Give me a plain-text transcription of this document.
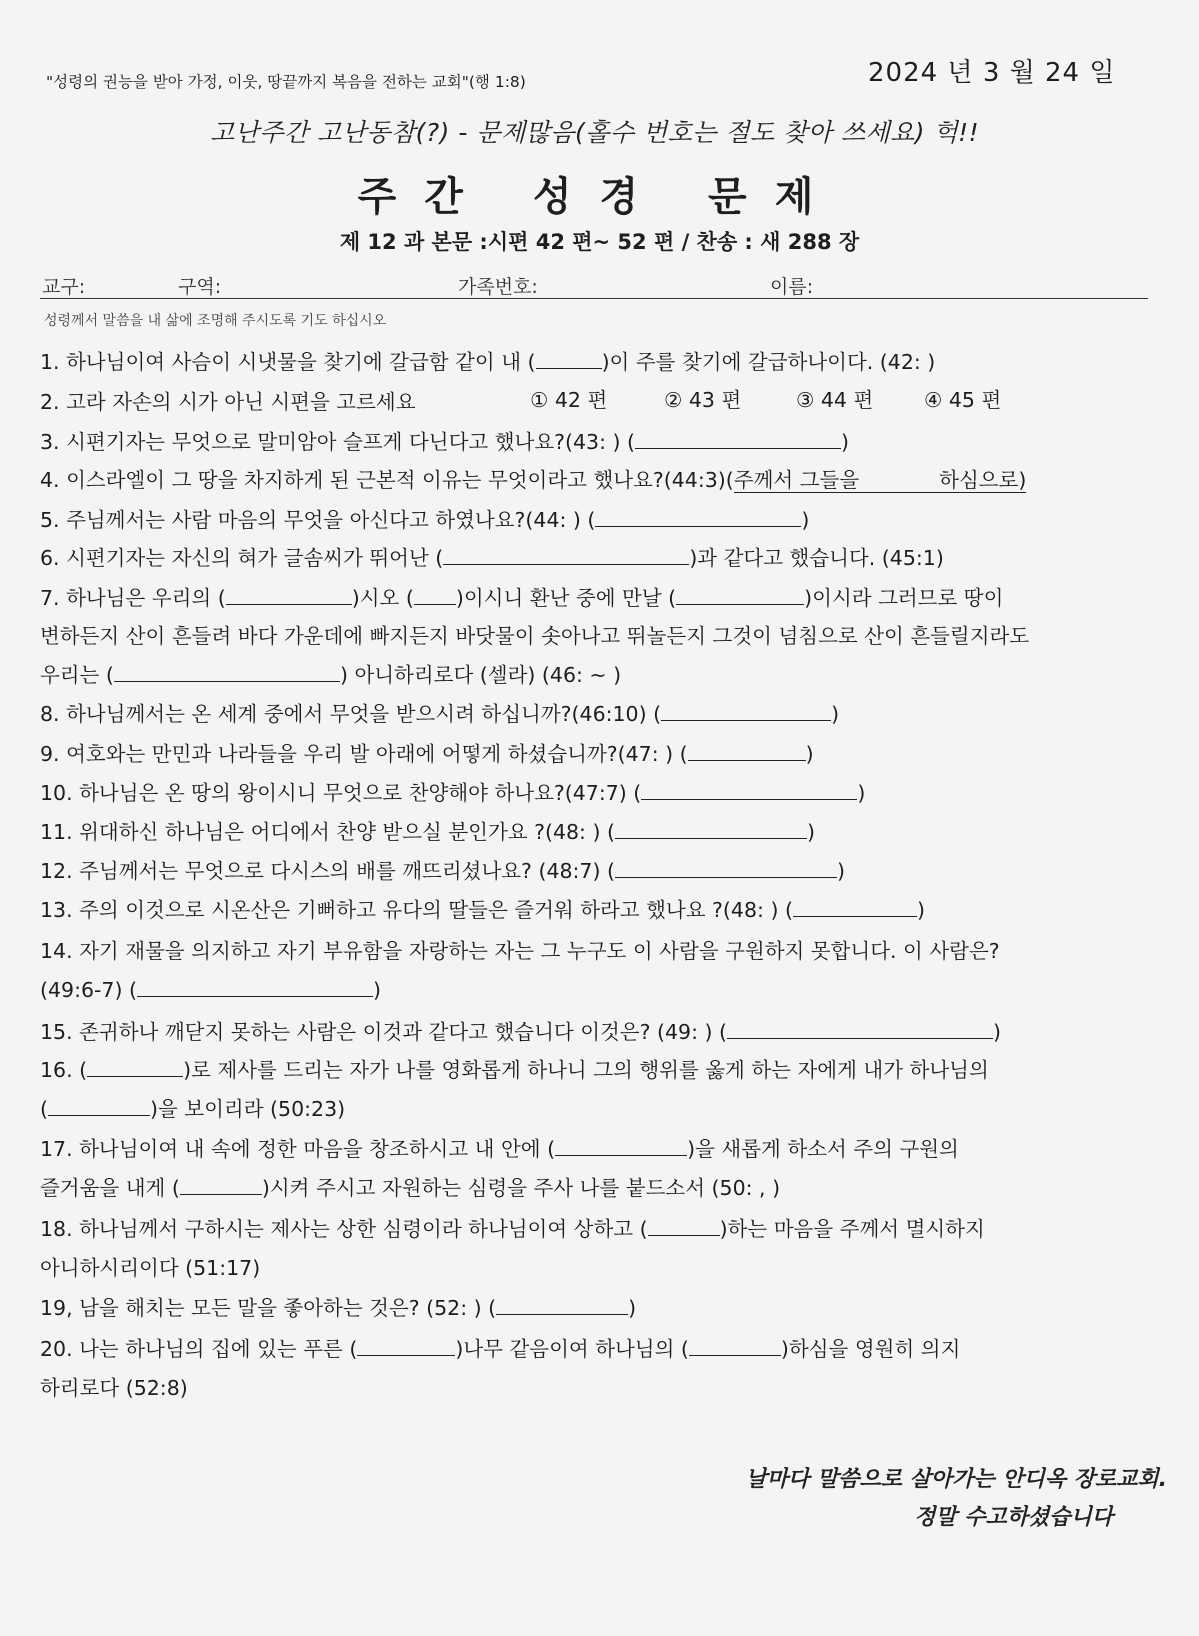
"성령의 권능을 받아 가정, 이웃, 땅끝까지 복음을 전하는 교회"(행 1:8)	2024 년 3 월 24 일
고난주간 고난동참(?) - 문제많음(홀수 번호는 절도 찾아 쓰세요) 헉!!
주간 성경 문제
제 12 과 본문 :시편 42 편~ 52 편 / 찬송 : 새 288 장
교구:	구역:	가족번호:	이름:
성령께서 말씀을 내 삶에 조명해 주시도록 기도 하십시오
1. 하나님이여 사슴이 시냇물을 찾기에 갈급함 같이 내 (	)이 주를 찾기에 갈급하나이다. (42: )
2. 고라 자손의 시가 아닌 시편을 고르세요	① 42 편	② 43 편	③ 44 편 ④ 45 편
3. 시편기자는 무엇으로 말미암아 슬프게 다닌다고 했나요?(43: ) (	)
4. 이스라엘이 그 땅을 차지하게 된 근본적 이유는 무엇이라고 했나요?(44:3)(주께서 그들을	하심으로)
5. 주님께서는 사람 마음의 무엇을 아신다고 하였나요?(44: ) (	)
6. 시편기자는 자신의 혀가 글솜씨가 뛰어난 (	)과 같다고 했습니다. (45:1)
7. 하나님은 우리의 (	)시오 ( )이시니 환난 중에 만날 (	)이시라 그러므로 땅이
변하든지 산이 흔들려 바다 가운데에 빠지든지 바닷물이 솟아나고 뛰놀든지 그것이 넘침으로 산이 흔들릴지라도
우리는 (	) 아니하리로다 (셀라) (46: ~ )
8. 하나님께서는 온 세계 중에서 무엇을 받으시려 하십니까?(46:10) (	)
9. 여호와는 만민과 나라들을 우리 발 아래에 어떻게 하셨습니까?(47: ) (	)
10. 하나님은 온 땅의 왕이시니 무엇으로 찬양해야 하나요?(47:7) (	)
11. 위대하신 하나님은 어디에서 찬양 받으실 분인가요 ?(48: ) (	)
12. 주님께서는 무엇으로 다시스의 배를 깨뜨리셨나요? (48:7) (	)
13. 주의 이것으로 시온산은 기뻐하고 유다의 딸들은 즐거워 하라고 했나요 ?(48: ) (	)
14. 자기 재물을 의지하고 자기 부유함을 자랑하는 자는 그 누구도 이 사람을 구원하지 못합니다. 이 사람은?
(49:6-7) (	)
15. 존귀하나 깨닫지 못하는 사람은 이것과 같다고 했습니다 이것은? (49: ) (	)
16. (	)로 제사를 드리는 자가 나를 영화롭게 하나니 그의 행위를 옳게 하는 자에게 내가 하나님의
(	)을 보이리라 (50:23)
17. 하나님이여 내 속에 정한 마음을 창조하시고 내 안에 (	)을 새롭게 하소서 주의 구원의
즐거움을 내게 (	)시켜 주시고 자원하는 심령을 주사 나를 붙드소서 (50: , )
18. 하나님께서 구하시는 제사는 상한 심령이라 하나님이여 상하고 (	)하는 마음을 주께서 멸시하지
아니하시리이다 (51:17)
19, 남을 해치는 모든 말을 좋아하는 것은? (52: ) (	)
20. 나는 하나님의 집에 있는 푸른 (	)나무 같음이여 하나님의 (	)하심을 영원히 의지
하리로다 (52:8)
날마다 말씀으로 살아가는 안디옥 장로교회.
정말 수고하셨습니다
